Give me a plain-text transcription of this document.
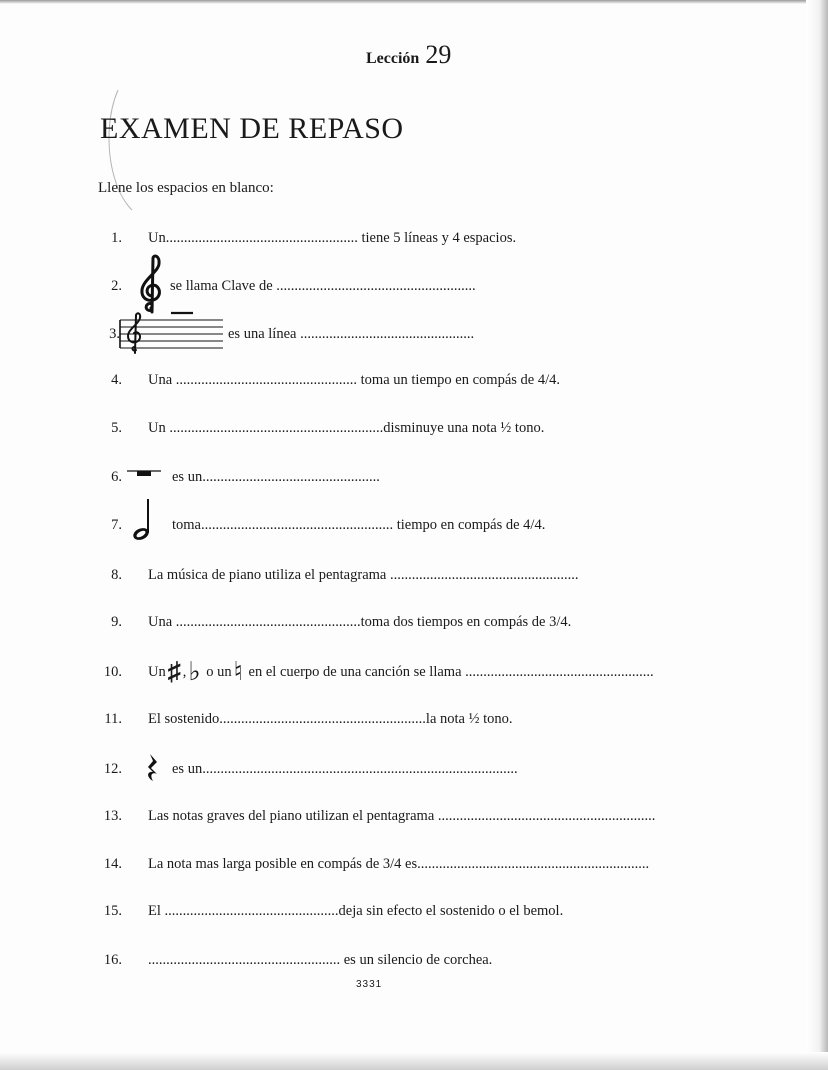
Lección 29
EXAMEN DE REPASO
Llene los espacios en blanco:
1. Un..................................................... tiene 5 líneas y 4 espacios.
2.	se llama Clave de .......................................................
3.	es una línea ................................................
4. Una .................................................. toma un tiempo en compás de 4/4.
5. Un ...........................................................disminuye una nota ½ tono.
6.	es un.................................................
7.	toma..................................................... tiempo en compás de 4/4.
8. La música de piano utiliza el pentagrama ....................................................
9. Una ...................................................toma dos tiempos en compás de 3/4.
10. Un♯ ,♭ o un♮ en el cuerpo de una canción se llama ....................................................
11. El sostenido.........................................................la nota ½ tono.
12.	es un.......................................................................................
13. Las notas graves del piano utilizan el pentagrama ............................................................
14. La nota mas larga posible en compás de 3/4 es................................................................
15. El ................................................deja sin efecto el sostenido o el bemol.
16. ..................................................... es un silencio de corchea.
3331
